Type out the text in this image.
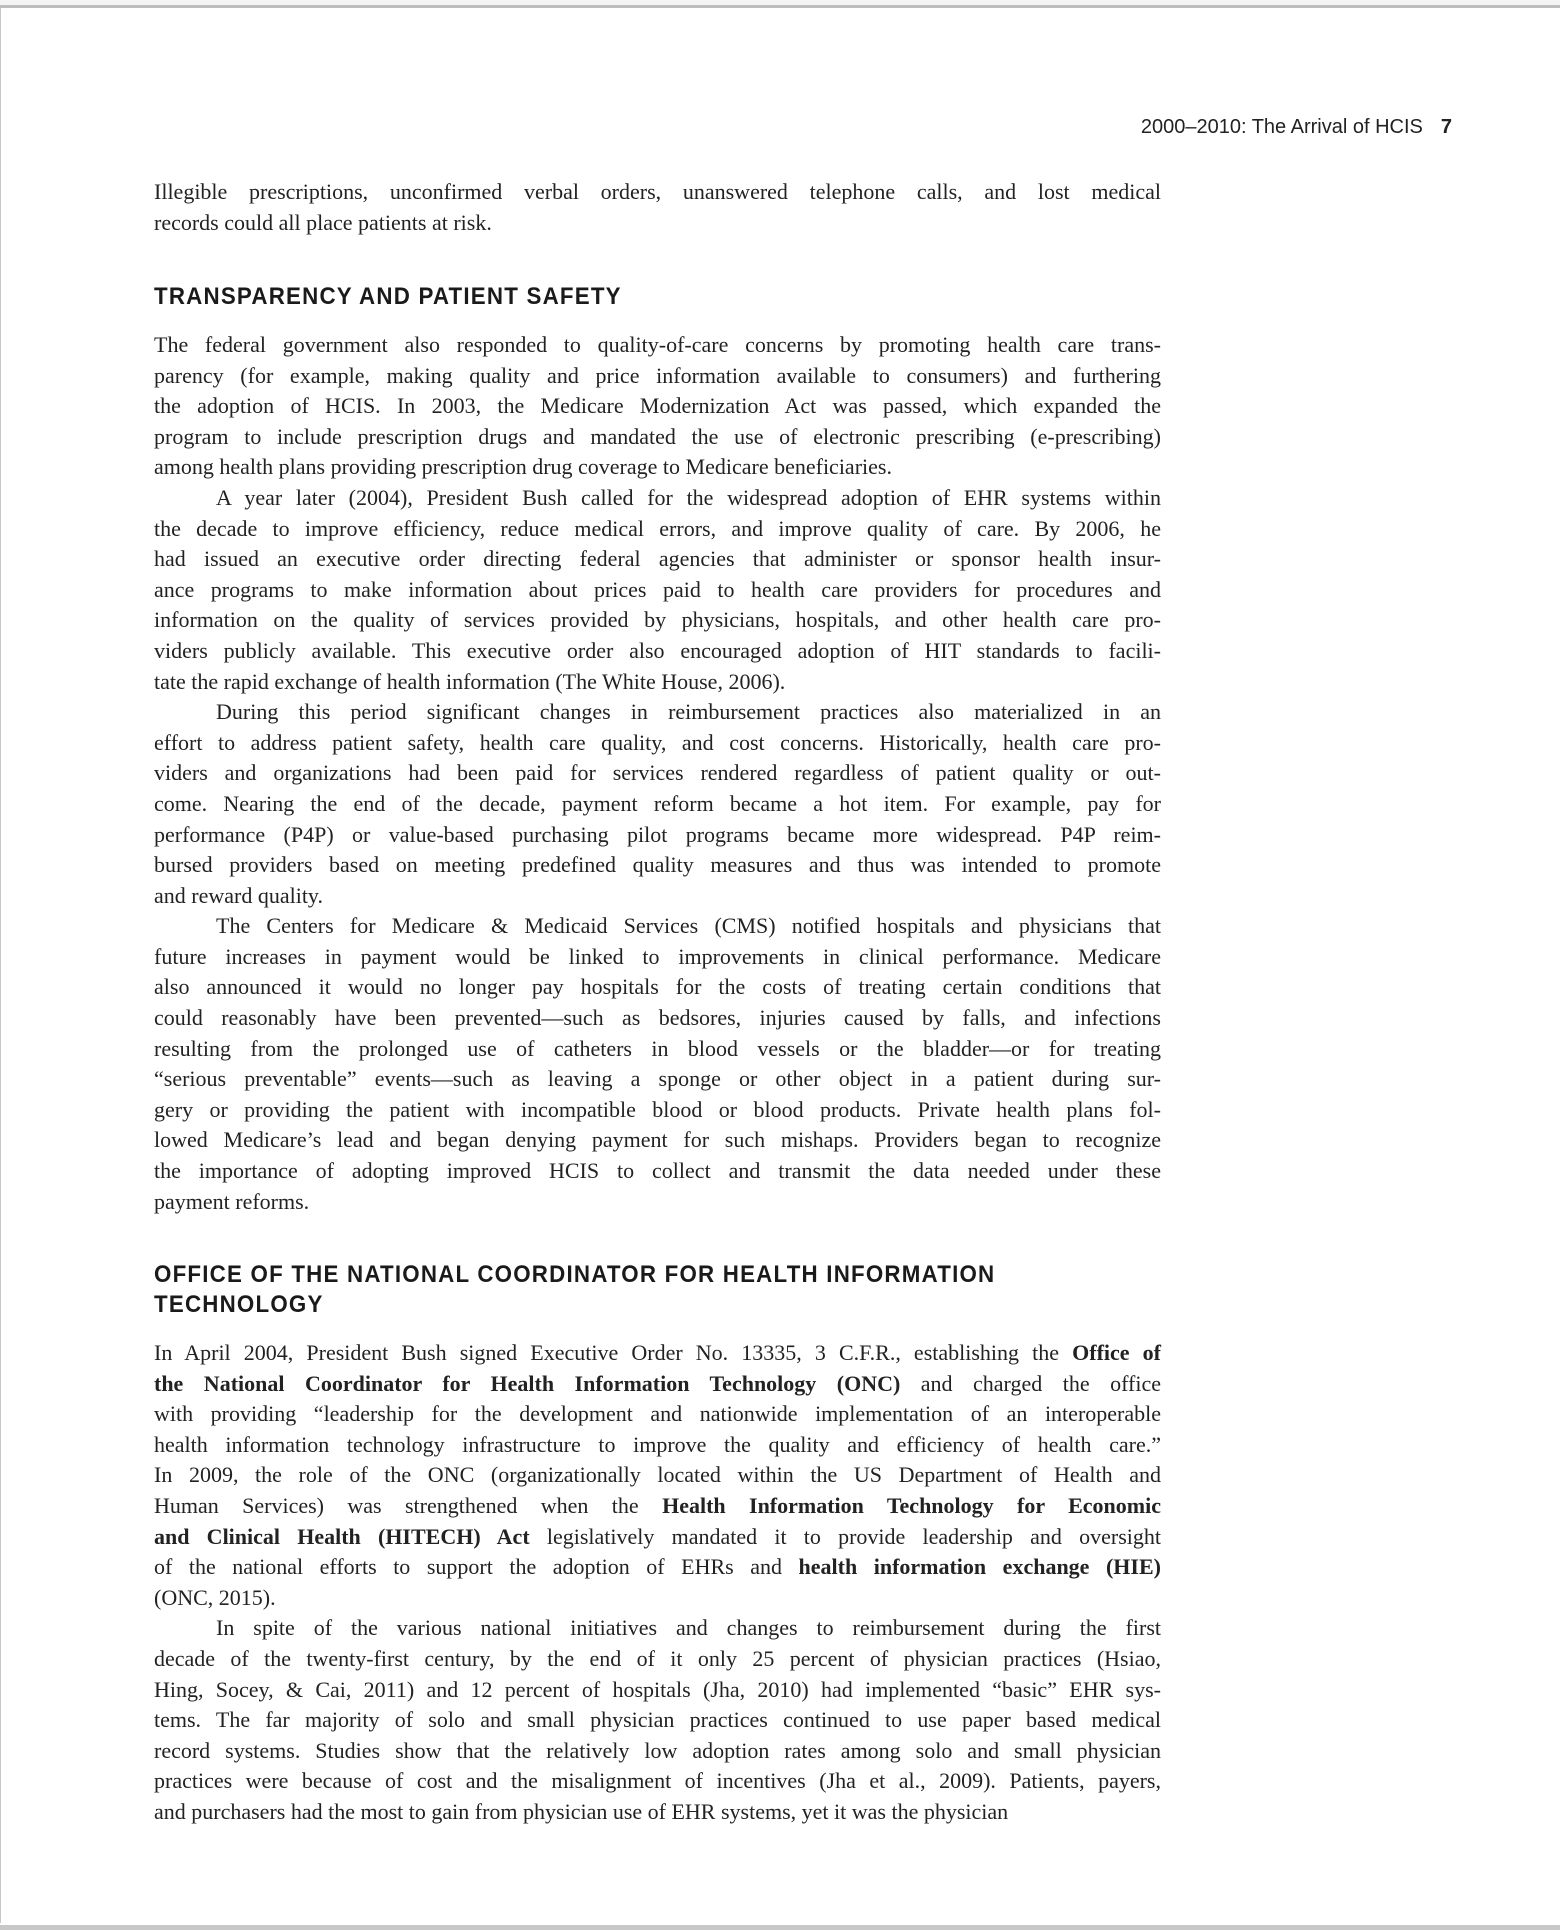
2000–2010: The Arrival of HCIS 7
Illegible prescriptions, unconfirmed verbal orders, unanswered telephone calls, and lost medical
records could all place patients at risk.
TRANSPARENCY AND PATIENT SAFETY
The federal government also responded to quality-of-care concerns by promoting health care trans-
parency (for example, making quality and price information available to consumers) and furthering
the adoption of HCIS. In 2003, the Medicare Modernization Act was passed, which expanded the
program to include prescription drugs and mandated the use of electronic prescribing (e-prescribing)
among health plans providing prescription drug coverage to Medicare beneficiaries.
A year later (2004), President Bush called for the widespread adoption of EHR systems within
the decade to improve efficiency, reduce medical errors, and improve quality of care. By 2006, he
had issued an executive order directing federal agencies that administer or sponsor health insur-
ance programs to make information about prices paid to health care providers for procedures and
information on the quality of services provided by physicians, hospitals, and other health care pro-
viders publicly available. This executive order also encouraged adoption of HIT standards to facili-
tate the rapid exchange of health information (The White House, 2006).
During this period significant changes in reimbursement practices also materialized in an
effort to address patient safety, health care quality, and cost concerns. Historically, health care pro-
viders and organizations had been paid for services rendered regardless of patient quality or out-
come. Nearing the end of the decade, payment reform became a hot item. For example, pay for
performance (P4P) or value-based purchasing pilot programs became more widespread. P4P reim-
bursed providers based on meeting predefined quality measures and thus was intended to promote
and reward quality.
The Centers for Medicare & Medicaid Services (CMS) notified hospitals and physicians that
future increases in payment would be linked to improvements in clinical performance. Medicare
also announced it would no longer pay hospitals for the costs of treating certain conditions that
could reasonably have been prevented—such as bedsores, injuries caused by falls, and infections
resulting from the prolonged use of catheters in blood vessels or the bladder—or for treating
“serious preventable” events—such as leaving a sponge or other object in a patient during sur-
gery or providing the patient with incompatible blood or blood products. Private health plans fol-
lowed Medicare’s lead and began denying payment for such mishaps. Providers began to recognize
the importance of adopting improved HCIS to collect and transmit the data needed under these
payment reforms.
OFFICE OF THE NATIONAL COORDINATOR FOR HEALTH INFORMATION
TECHNOLOGY
In April 2004, President Bush signed Executive Order No. 13335, 3 C.F.R., establishing the Office of
the National Coordinator for Health Information Technology (ONC) and charged the office
with providing “leadership for the development and nationwide implementation of an interoperable
health information technology infrastructure to improve the quality and efficiency of health care.”
In 2009, the role of the ONC (organizationally located within the US Department of Health and
Human Services) was strengthened when the Health Information Technology for Economic
and Clinical Health (HITECH) Act legislatively mandated it to provide leadership and oversight
of the national efforts to support the adoption of EHRs and health information exchange (HIE)
(ONC, 2015).
In spite of the various national initiatives and changes to reimbursement during the first
decade of the twenty-first century, by the end of it only 25 percent of physician practices (Hsiao,
Hing, Socey, & Cai, 2011) and 12 percent of hospitals (Jha, 2010) had implemented “basic” EHR sys-
tems. The far majority of solo and small physician practices continued to use paper based medical
record systems. Studies show that the relatively low adoption rates among solo and small physician
practices were because of cost and the misalignment of incentives (Jha et al., 2009). Patients, payers,
and purchasers had the most to gain from physician use of EHR systems, yet it was the physician
